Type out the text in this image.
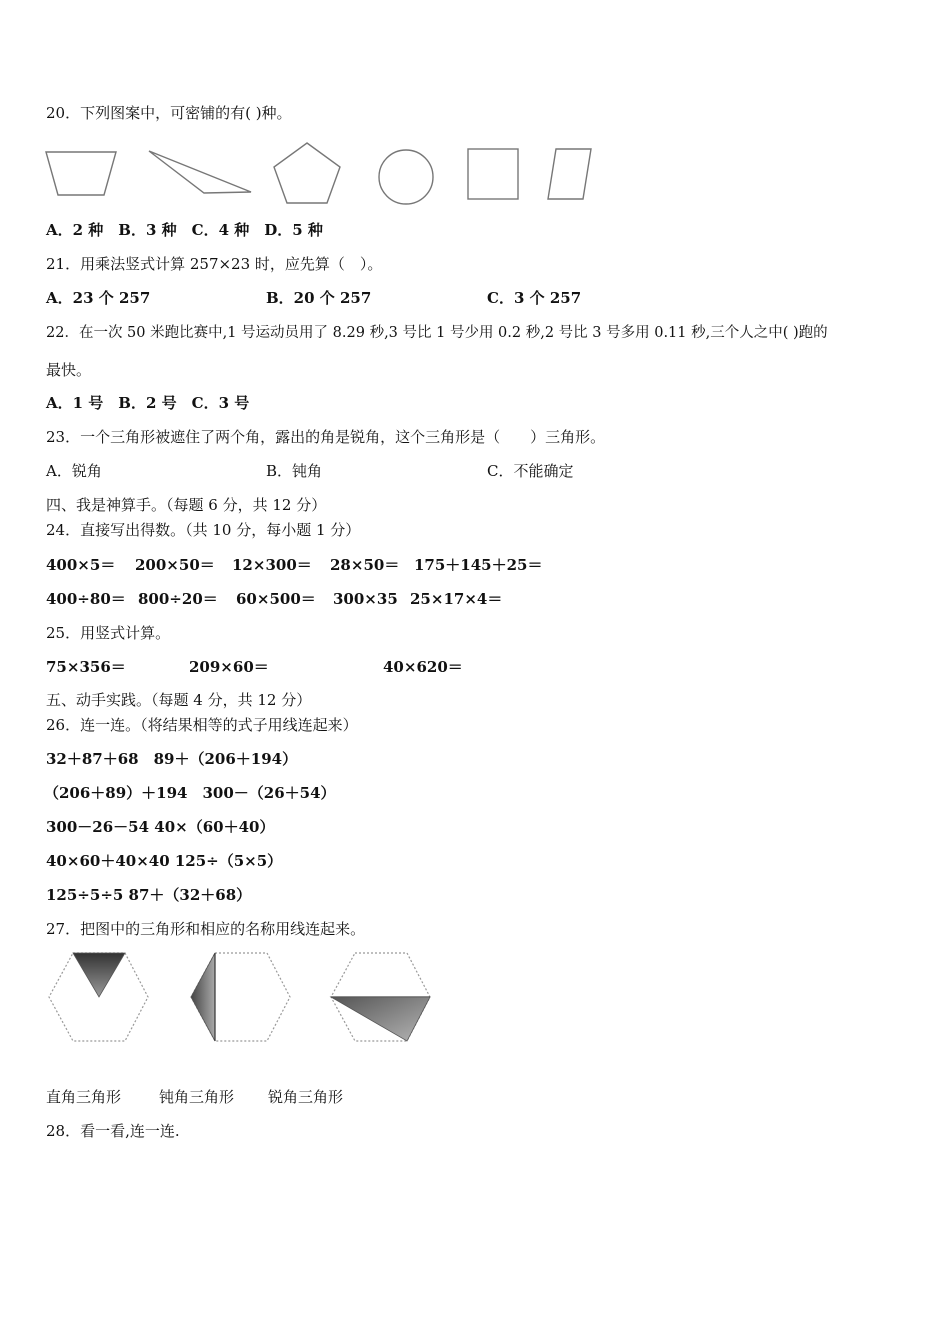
20．下列图案中，可密铺的有( )种。
A．2 种　B．3 种　C．4 种　D．5 种
21．用乘法竖式计算 257×23 时，应先算（　）。
A．23 个 257	B．20 个 257	C．3 个 257
22．在一次 50 米跑比赛中,1 号运动员用了 8.29 秒,3 号比 1 号少用 0.2 秒,2 号比 3 号多用 0.11 秒,三个人之中( )跑的
最快。
A．1 号　B．2 号　C．3 号
23．一个三角形被遮住了两个角，露出的角是锐角，这个三角形是（　　）三角形。
A．锐角	B．钝角	C．不能确定
四、我是神算手。（每题 6 分，共 12 分）
24．直接写出得数。（共 10 分，每小题 1 分）
400×5＝ 200×50＝ 12×300＝ 28×50＝ 175＋145＋25＝
400÷80＝ 800÷20＝ 60×500＝ 300×35 25×17×4＝
25．用竖式计算。
75×356＝	209×60＝	40×620＝
五、动手实践。（每题 4 分，共 12 分）
26．连一连。（将结果相等的式子用线连起来）
32＋87＋68　89＋（206＋194）
（206＋89）＋194　300－（26＋54）
300－26－54 40×（60＋40）
40×60＋40×40 125÷（5×5）
125÷5÷5 87＋（32＋68）
27．把图中的三角形和相应的名称用线连起来。
直角三角形	钝角三角形 锐角三角形
28．看一看,连一连.
